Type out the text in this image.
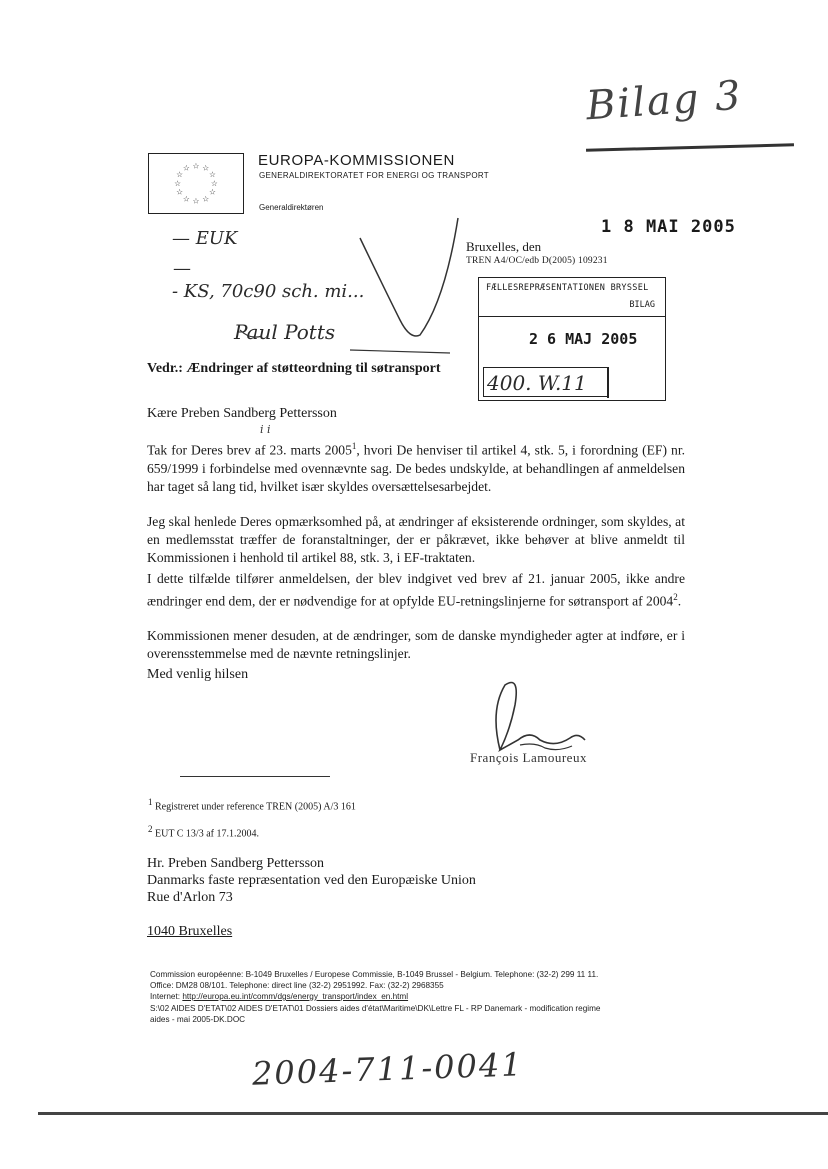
Bilag 3
☆ ☆
☆
☆
☆
☆
☆
☆
☆
☆
☆ ☆
EUROPA-KOMMISSIONEN
GENERALDIREKTORATET FOR ENERGI OG TRANSPORT
Generaldirektøren
— EUK
—
- KS, 70c90 sch. mi...
Paul Potts
1 8 MAI 2005
Bruxelles, den
TREN A4/OC/edb D(2005) 109231
FÆLLESREPRÆSENTATIONEN BRYSSEL
BILAG
2 6 MAJ 2005
400. W.11
Vedr.: Ændringer af støtteordning til søtransport
Kære Preben Sandberg Pettersson
i i
Tak for Deres brev af 23. marts 2005$^1$, hvori De henviser til artikel 4, stk. 5, i forordning (EF) nr. 659/1999 i forbindelse med ovennævnte sag. De bedes undskylde, at behandlingen af anmeldelsen har taget så lang tid, hvilket især skyldes oversættelsesarbejdet.
Jeg skal henlede Deres opmærksomhed på, at ændringer af eksisterende ordninger, som skyldes, at en medlemsstat træffer de foranstaltninger, der er påkrævet, ikke behøver at blive anmeldt til Kommissionen i henhold til artikel 88, stk. 3, i EF-traktaten.
I dette tilfælde tilfører anmeldelsen, der blev indgivet ved brev af 21. januar 2005, ikke andre ændringer end dem, der er nødvendige for at opfylde EU-retningslinjerne for søtransport af 2004$^2$.
Kommissionen mener desuden, at de ændringer, som de danske myndigheder agter at indføre, er i overensstemmelse med de nævnte retningslinjer.
Med venlig hilsen
François Lamoureux
$^1$ Registreret under reference TREN (2005) A/3 161
$^2$ EUT C 13/3 af 17.1.2004.
Hr. Preben Sandberg Pettersson
Danmarks faste repræsentation ved den Europæiske Union
Rue d'Arlon 73
1040 Bruxelles
Commission européenne: B-1049 Bruxelles / Europese Commissie, B-1049 Brussel - Belgium. Telephone: (32-2) 299 11 11.
Office: DM28 08/101. Telephone: direct line (32-2) 2951992. Fax: (32-2) 2968355
Internet: http://europa.eu.int/comm/dgs/energy_transport/index_en.html
S:\02 AIDES D'ETAT\02 AIDES D'ETAT\01 Dossiers aides d'état\Maritime\DK\Lettre FL - RP Danemark - modification regime
aides - mai 2005-DK.DOC
2004-711-0041
